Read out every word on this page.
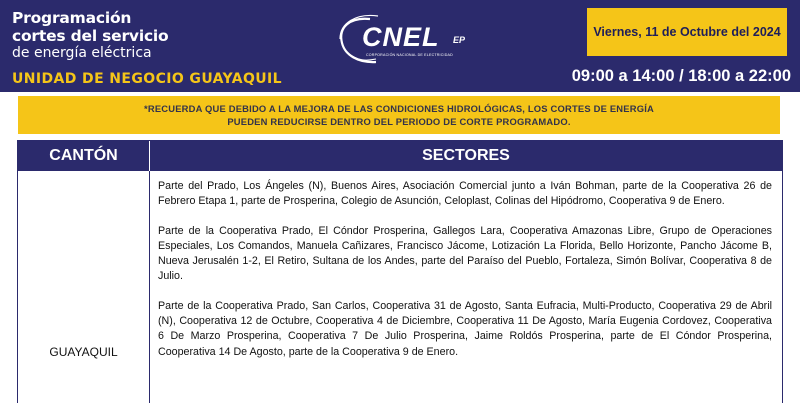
Programación
cortes del servicio
de energía eléctrica
UNIDAD DE NEGOCIO GUAYAQUIL
CNEL EP
CORPORACIÓN NACIONAL DE ELECTRICIDAD
Viernes, 11 de Octubre del 2024
09:00 a 14:00 / 18:00 a 22:00
*RECUERDA QUE DEBIDO A LA MEJORA DE LAS CONDICIONES HIDROLÓGICAS, LOS CORTES DE ENERGÍA
PUEDEN REDUCIRSE DENTRO DEL PERIODO DE CORTE PROGRAMADO.
CANTÓN	SECTORES
GUAYAQUIL

Parte del Prado, Los Ángeles (N), Buenos Aires, Asociación Comercial junto a Iván Bohman, parte de la Cooperativa 26 de Febrero Etapa 1, parte de Prosperina, Colegio de Asunción, Celoplast, Colinas del Hipódromo, Cooperativa 9 de Enero.

Parte de la Cooperativa Prado, El Cóndor Prosperina, Gallegos Lara, Cooperativa Amazonas Libre, Grupo de Operaciones Especiales, Los Comandos, Manuela Cañizares, Francisco Jácome, Lotización La Florida, Bello Horizonte, Pancho Jácome B, Nueva Jerusalén 1-2, El Retiro, Sultana de los Andes, parte del Paraíso del Pueblo, Fortaleza, Simón Bolívar, Cooperativa 8 de Julio.

Parte de la Cooperativa Prado, San Carlos, Cooperativa 31 de Agosto, Santa Eufracia, Multi-Producto, Cooperativa 29 de Abril (N), Cooperativa 12 de Octubre, Cooperativa 4 de Diciembre, Cooperativa 11 De Agosto, María Eugenia Cordovez, Cooperativa 6 De Marzo Prosperina, Cooperativa 7 De Julio Prosperina, Jaime Roldós Prosperina, parte de El Cóndor Prosperina, Cooperativa 14 De Agosto, parte de la Cooperativa 9 de Enero.
